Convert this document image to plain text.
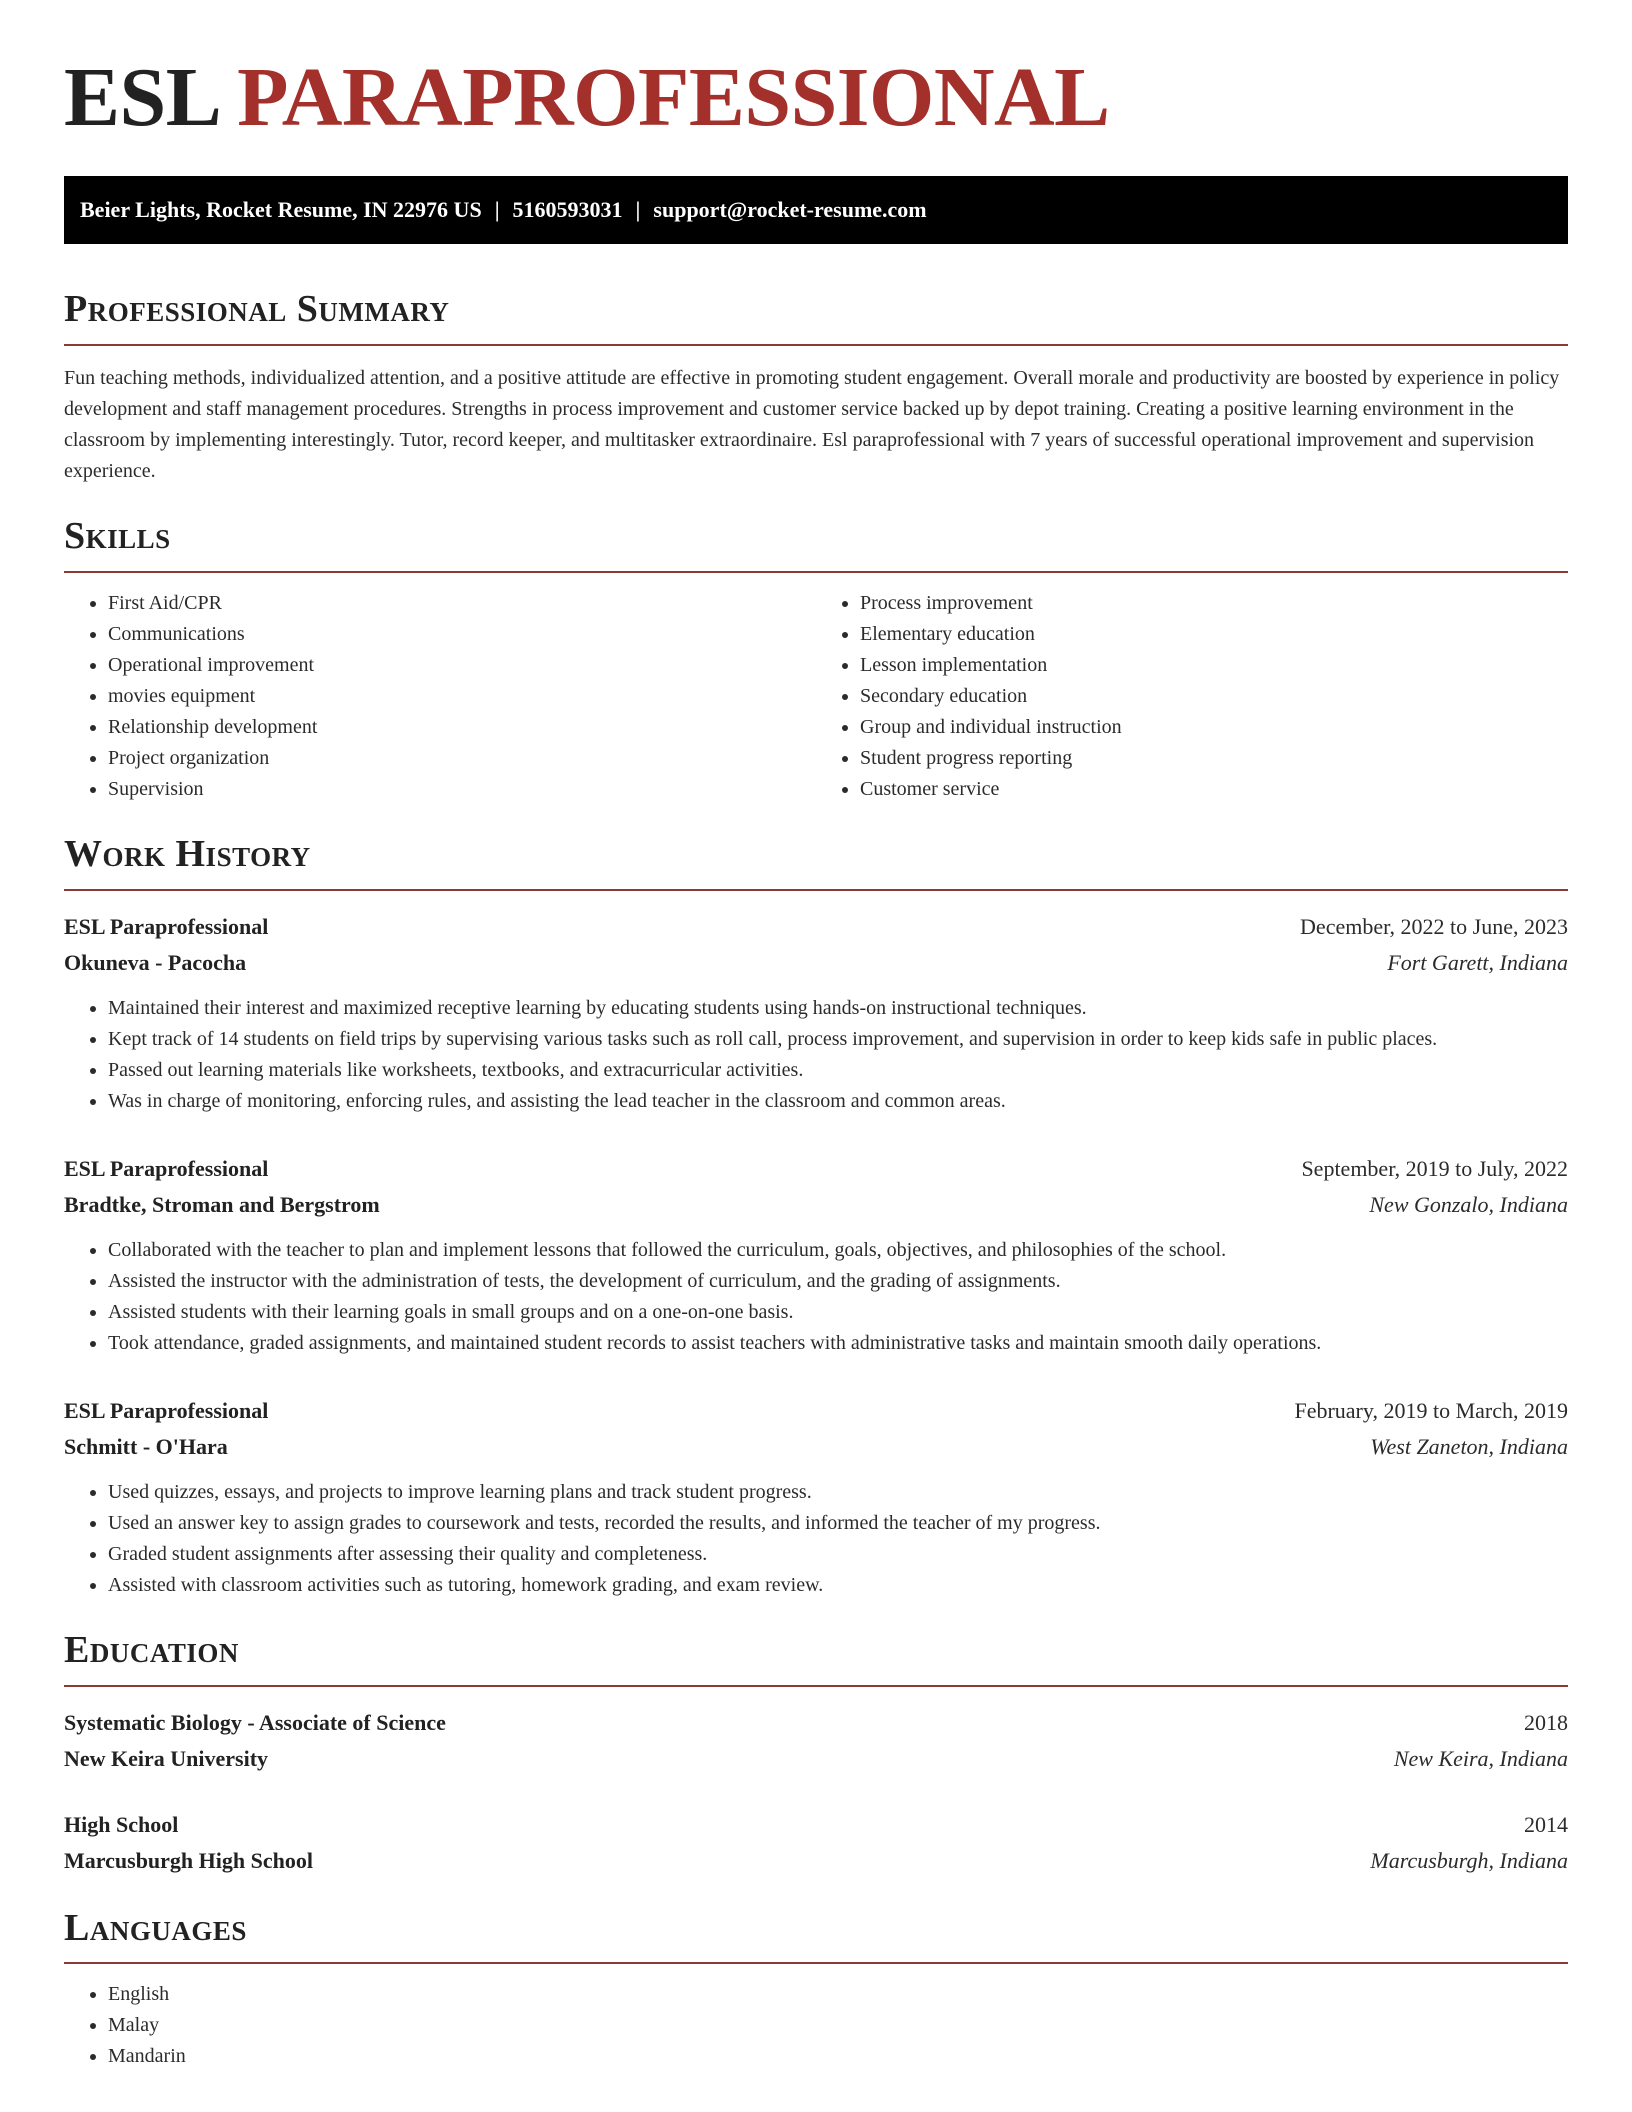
ESL PARAPROFESSIONAL
Beier Lights, Rocket Resume, IN 22976 US | 5160593031 | support@rocket-resume.com
Professional Summary

Fun teaching methods, individualized attention, and a positive attitude are effective in promoting student engagement. Overall morale and productivity are boosted by experience in policy development and staff management procedures. Strengths in process improvement and customer service backed up by depot training. Creating a positive learning environment in the classroom by implementing interestingly. Tutor, record keeper, and multitasker extraordinaire. Esl paraprofessional with 7 years of successful operational improvement and supervision experience.

Skills
• First Aid/CPR
• Communications
• Operational improvement
• movies equipment
• Relationship development
• Project organization
• Supervision
• Process improvement
• Elementary education
• Lesson implementation
• Secondary education
• Group and individual instruction
• Student progress reporting
• Customer service
Work History
ESL Paraprofessional	December, 2022 to June, 2023
Okuneva - Pacocha	Fort Garett, Indiana
• Maintained their interest and maximized receptive learning by educating students using hands-on instructional techniques.
• Kept track of 14 students on field trips by supervising various tasks such as roll call, process improvement, and supervision in order to keep kids safe in public places.
• Passed out learning materials like worksheets, textbooks, and extracurricular activities.
• Was in charge of monitoring, enforcing rules, and assisting the lead teacher in the classroom and common areas.
ESL Paraprofessional	September, 2019 to July, 2022
Bradtke, Stroman and Bergstrom	New Gonzalo, Indiana
• Collaborated with the teacher to plan and implement lessons that followed the curriculum, goals, objectives, and philosophies of the school.
• Assisted the instructor with the administration of tests, the development of curriculum, and the grading of assignments.
• Assisted students with their learning goals in small groups and on a one-on-one basis.
• Took attendance, graded assignments, and maintained student records to assist teachers with administrative tasks and maintain smooth daily operations.
ESL Paraprofessional	February, 2019 to March, 2019
Schmitt - O'Hara	West Zaneton, Indiana
• Used quizzes, essays, and projects to improve learning plans and track student progress.
• Used an answer key to assign grades to coursework and tests, recorded the results, and informed the teacher of my progress.
• Graded student assignments after assessing their quality and completeness.
• Assisted with classroom activities such as tutoring, homework grading, and exam review.
Education
Systematic Biology - Associate of Science	2018
New Keira University	New Keira, Indiana
High School	2014
Marcusburgh High School	Marcusburgh, Indiana
Languages
• English
• Malay
• Mandarin
